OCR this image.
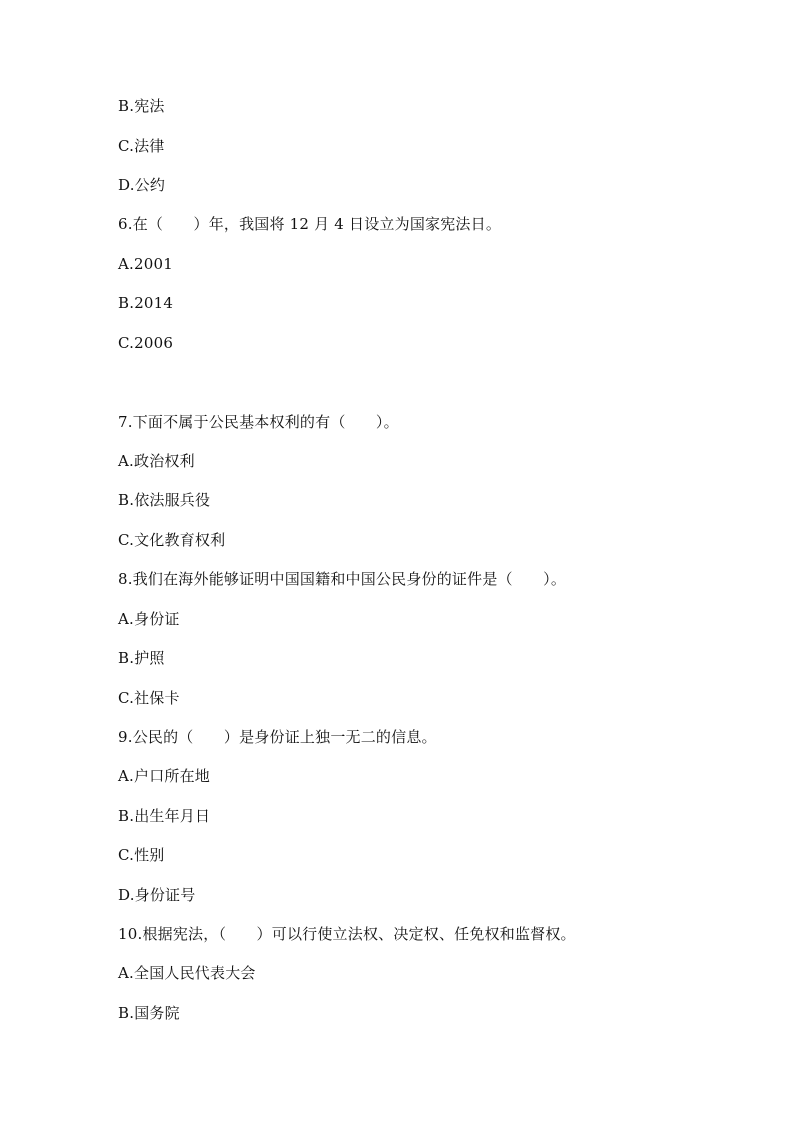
B.宪法
C.法律
D.公约
6.在（　　）年，我国将 12 月 4 日设立为国家宪法日。
A.2001
B.2014
C.2006
7.下面不属于公民基本权利的有（　　）。
A.政治权利
B.依法服兵役
C.文化教育权利
8.我们在海外能够证明中国国籍和中国公民身份的证件是（　　）。
A.身份证
B.护照
C.社保卡
9.公民的（　　）是身份证上独一无二的信息。
A.户口所在地
B.出生年月日
C.性别
D.身份证号
10.根据宪法，（　　）可以行使立法权、决定权、任免权和监督权。
A.全国人民代表大会
B.国务院
